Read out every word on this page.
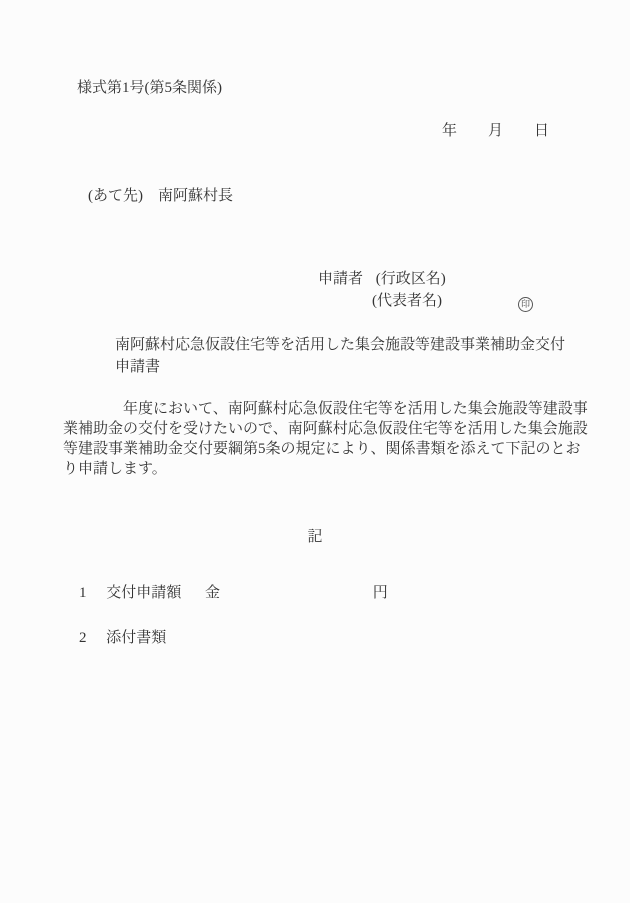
様式第1号(第5条関係)
年 月 日
(あて先)　南阿蘇村長
申請者 (行政区名)
(代表者名)	印
南阿蘇村応急仮設住宅等を活用した集会施設等建設事業補助金交付
申請書
　　　　年度において、南阿蘇村応急仮設住宅等を活用した集会施設等建設事
業補助金の交付を受けたいので、南阿蘇村応急仮設住宅等を活用した集会施設
等建設事業補助金交付要綱第5条の規定により、関係書類を添えて下記のとお
り申請します。
記
1 交付申請額 金	円
2 添付書類
